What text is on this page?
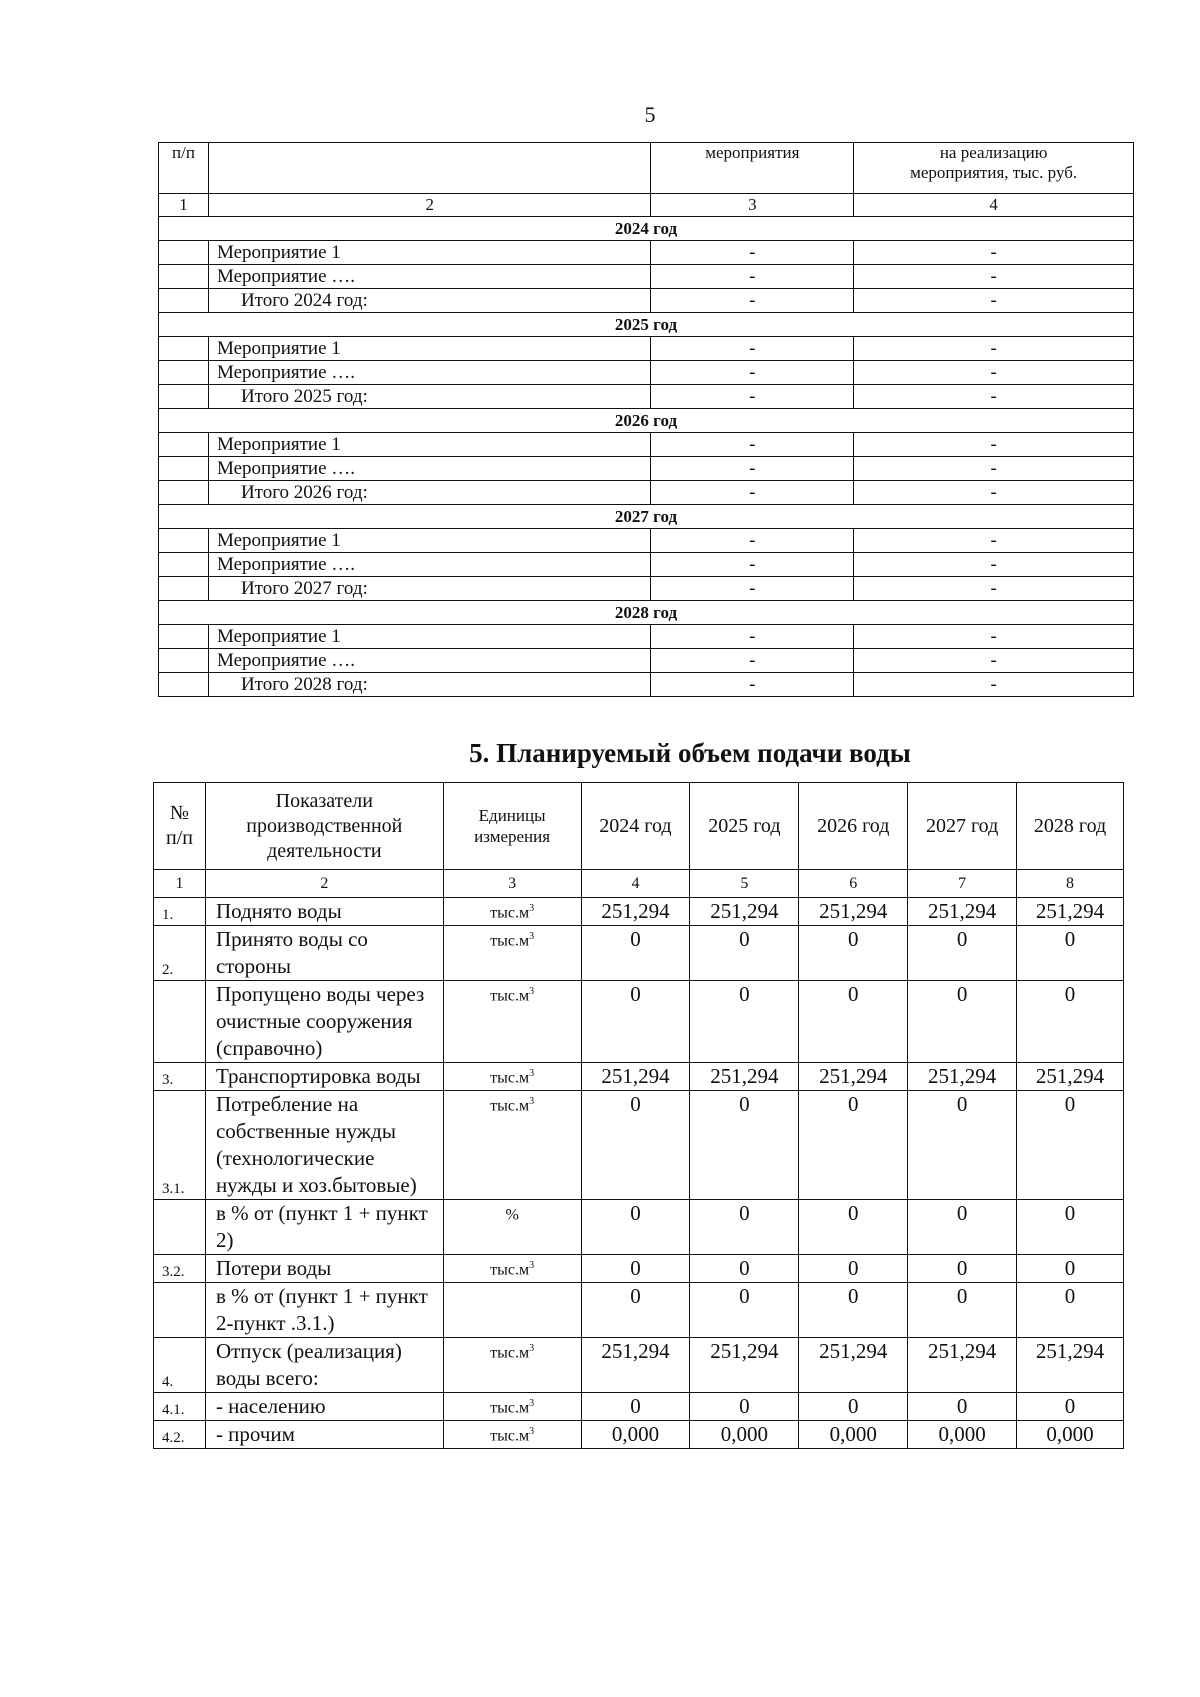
5
п/п		мероприятия	на реализацию
мероприятия, тыс. руб.
1	2	3	4
2024 год			
	Мероприятие 1	-	-
	Мероприятие ….	-	-
	Итого 2024 год:	-	-
2025 год			
	Мероприятие 1	-	-
	Мероприятие ….	-	-
	Итого 2025 год:	-	-
2026 год			
	Мероприятие 1	-	-
	Мероприятие ….	-	-
	Итого 2026 год:	-	-
2027 год			
	Мероприятие 1	-	-
	Мероприятие ….	-	-
	Итого 2027 год:	-	-
2028 год			
	Мероприятие 1	-	-
	Мероприятие ….	-	-
	Итого 2028 год:	-	-
5. Планируемый объем подачи воды
№
п/п	Показатели производственной деятельности	Единицы измерения	2024 год	2025 год	2026 год	2027 год	2028 год
1	2	3	4	5	6	7	8
1.	Поднято воды	$тыс.м^3$	251,294	251,294	251,294	251,294	251,294
2.	Принято воды со стороны	$тыс.м^3$	0	0	0	0	0
	Пропущено воды через очистные сооружения (справочно)	$тыс.м^3$	0	0	0	0	0
3.	Транспортировка воды	$тыс.м^3$	251,294	251,294	251,294	251,294	251,294
3.1.	Потребление на собственные нужды (технологические нужды и хоз.бытовые)	$тыс.м^3$	0	0	0	0	0
	в % от (пункт 1 + пункт 2)	%	0	0	0	0	0
3.2.	Потери воды	$тыс.м^3$	0	0	0	0	0
	в % от (пункт 1 + пункт 2-пункт .3.1.)		0	0	0	0	0
4.	Отпуск (реализация) воды всего:	$тыс.м^3$	251,294	251,294	251,294	251,294	251,294
4.1.	- населению	$тыс.м^3$	0	0	0	0	0
4.2.	- прочим	$тыс.м^3$	0,000	0,000	0,000	0,000	0,000
